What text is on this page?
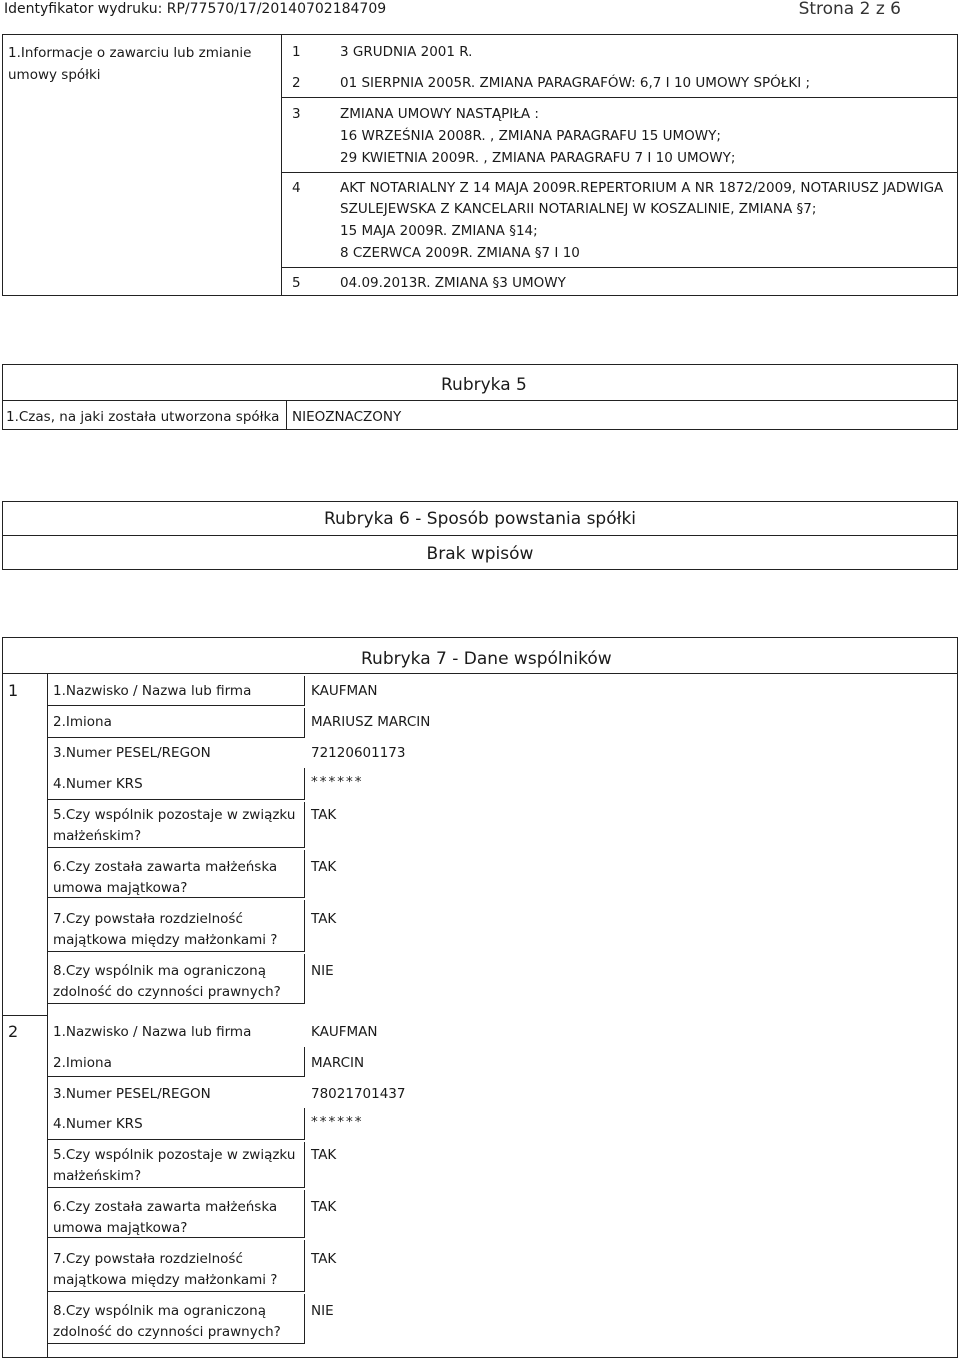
Identyfikator wydruku: RP/77570/17/20140702184709	Strona 2 z 6
1.Informacje o zawarciu lub zmianie
umowy spółki
1	3 GRUDNIA 2001 R.
2	01 SIERPNIA 2005R. ZMIANA PARAGRAFÓW: 6,7 I 10 UMOWY SPÓŁKI ;
3	ZMIANA UMOWY NASTĄPIŁA :
16 WRZEŚNIA 2008R. , ZMIANA PARAGRAFU 15 UMOWY;
29 KWIETNIA 2009R. , ZMIANA PARAGRAFU 7 I 10 UMOWY;
4	AKT NOTARIALNY Z 14 MAJA 2009R.REPERTORIUM A NR 1872/2009, NOTARIUSZ JADWIGA
SZULEJEWSKA Z KANCELARII NOTARIALNEJ W KOSZALINIE, ZMIANA §7;
15 MAJA 2009R. ZMIANA §14;
8 CZERWCA 2009R. ZMIANA §7 I 10
5	04.09.2013R. ZMIANA §3 UMOWY
Rubryka 5
1.Czas, na jaki została utworzona spółka NIEOZNACZONY
Rubryka 6 - Sposób powstania spółki
Brak wpisów
Rubryka 7 - Dane wspólników
1	1.Nazwisko / Nazwa lub firma	KAUFMAN
2.Imiona	MARIUSZ MARCIN
3.Numer PESEL/REGON	72120601173
4.Numer KRS	******
5.Czy wspólnik pozostaje w związku
małżeńskim?
TAK
6.Czy została zawarta małżeńska
umowa majątkowa?
TAK
7.Czy powstała rozdzielność
majątkowa między małżonkami ?
TAK
8.Czy wspólnik ma ograniczoną
zdolność do czynności prawnych?
NIE
2	1.Nazwisko / Nazwa lub firma	KAUFMAN
2.Imiona	MARCIN
3.Numer PESEL/REGON	78021701437
4.Numer KRS	******
5.Czy wspólnik pozostaje w związku
małżeńskim?
TAK
6.Czy została zawarta małżeńska
umowa majątkowa?
TAK
7.Czy powstała rozdzielność
majątkowa między małżonkami ?
TAK
8.Czy wspólnik ma ograniczoną
zdolność do czynności prawnych?
NIE
